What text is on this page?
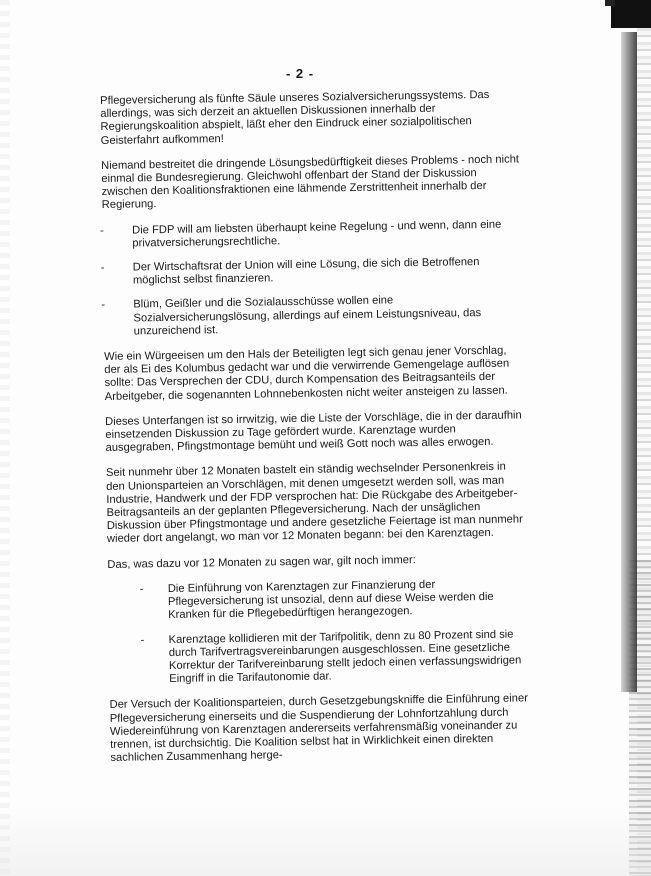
- 2 -

Pflegeversicherung als fünfte Säule unseres Sozialversicherungssystems. Das allerdings, was sich derzeit an aktuellen Diskussionen innerhalb der Regierungskoalition abspielt, läßt eher den Eindruck einer sozialpolitischen Geisterfahrt aufkommen!

Niemand bestreitet die dringende Lösungsbedürftigkeit dieses Problems - noch nicht einmal die Bundesregierung. Gleichwohl offenbart der Stand der Diskussion zwischen den Koalitionsfraktionen eine lähmende Zerstrittenheit innerhalb der Regierung.

-	Die FDP will am liebsten überhaupt keine Regelung - und wenn, dann eine privatversicherungsrechtliche.
-	Der Wirtschaftsrat der Union will eine Lösung, die sich die Betroffenen möglichst selbst finanzieren.
-	Blüm, Geißler und die Sozialausschüsse wollen eine Sozialversicherungslösung, allerdings auf einem Leistungsniveau, das unzureichend ist.

Wie ein Würgeeisen um den Hals der Beteiligten legt sich genau jener Vorschlag, der als Ei des Kolumbus gedacht war und die verwirrende Gemengelage auflösen sollte: Das Versprechen der CDU, durch Kompensation des Beitragsanteils der Arbeitgeber, die sogenannten Lohnnebenkosten nicht weiter ansteigen zu lassen.

Dieses Unterfangen ist so irrwitzig, wie die Liste der Vorschläge, die in der daraufhin einsetzenden Diskussion zu Tage gefördert wurde. Karenztage wurden ausgegraben, Pfingstmontage bemüht und weiß Gott noch was alles erwogen.

Seit nunmehr über 12 Monaten bastelt ein ständig wechselnder Personenkreis in den Unionsparteien an Vorschlägen, mit denen umgesetzt werden soll, was man Industrie, Handwerk und der FDP versprochen hat: Die Rückgabe des Arbeitgeber-Beitragsanteils an der geplanten Pflegeversicherung. Nach der unsäglichen Diskussion über Pfingstmontage und andere gesetzliche Feiertage ist man nunmehr wieder dort angelangt, wo man vor 12 Monaten begann: bei den Karenztagen.

Das, was dazu vor 12 Monaten zu sagen war, gilt noch immer:

- Die Einführung von Karenztagen zur Finanzierung der Pflegeversicherung ist unsozial, denn auf diese Weise werden die Kranken für die Pflegebedürftigen herangezogen.
- Karenztage kollidieren mit der Tarifpolitik, denn zu 80 Prozent sind sie durch Tarifvertragsvereinbarungen ausgeschlossen. Eine gesetzliche Korrektur der Tarifvereinbarung stellt jedoch einen verfassungswidrigen Eingriff in die Tarifautonomie dar.

Der Versuch der Koalitionsparteien, durch Gesetzgebungskniffe die Einführung einer Pflegeversicherung einerseits und die Suspendierung der Lohnfortzahlung durch Wiedereinführung von Karenztagen andererseits verfahrensmäßig voneinander zu trennen, ist durchsichtig. Die Koalition selbst hat in Wirklichkeit einen direkten sachlichen Zusammenhang herge-
